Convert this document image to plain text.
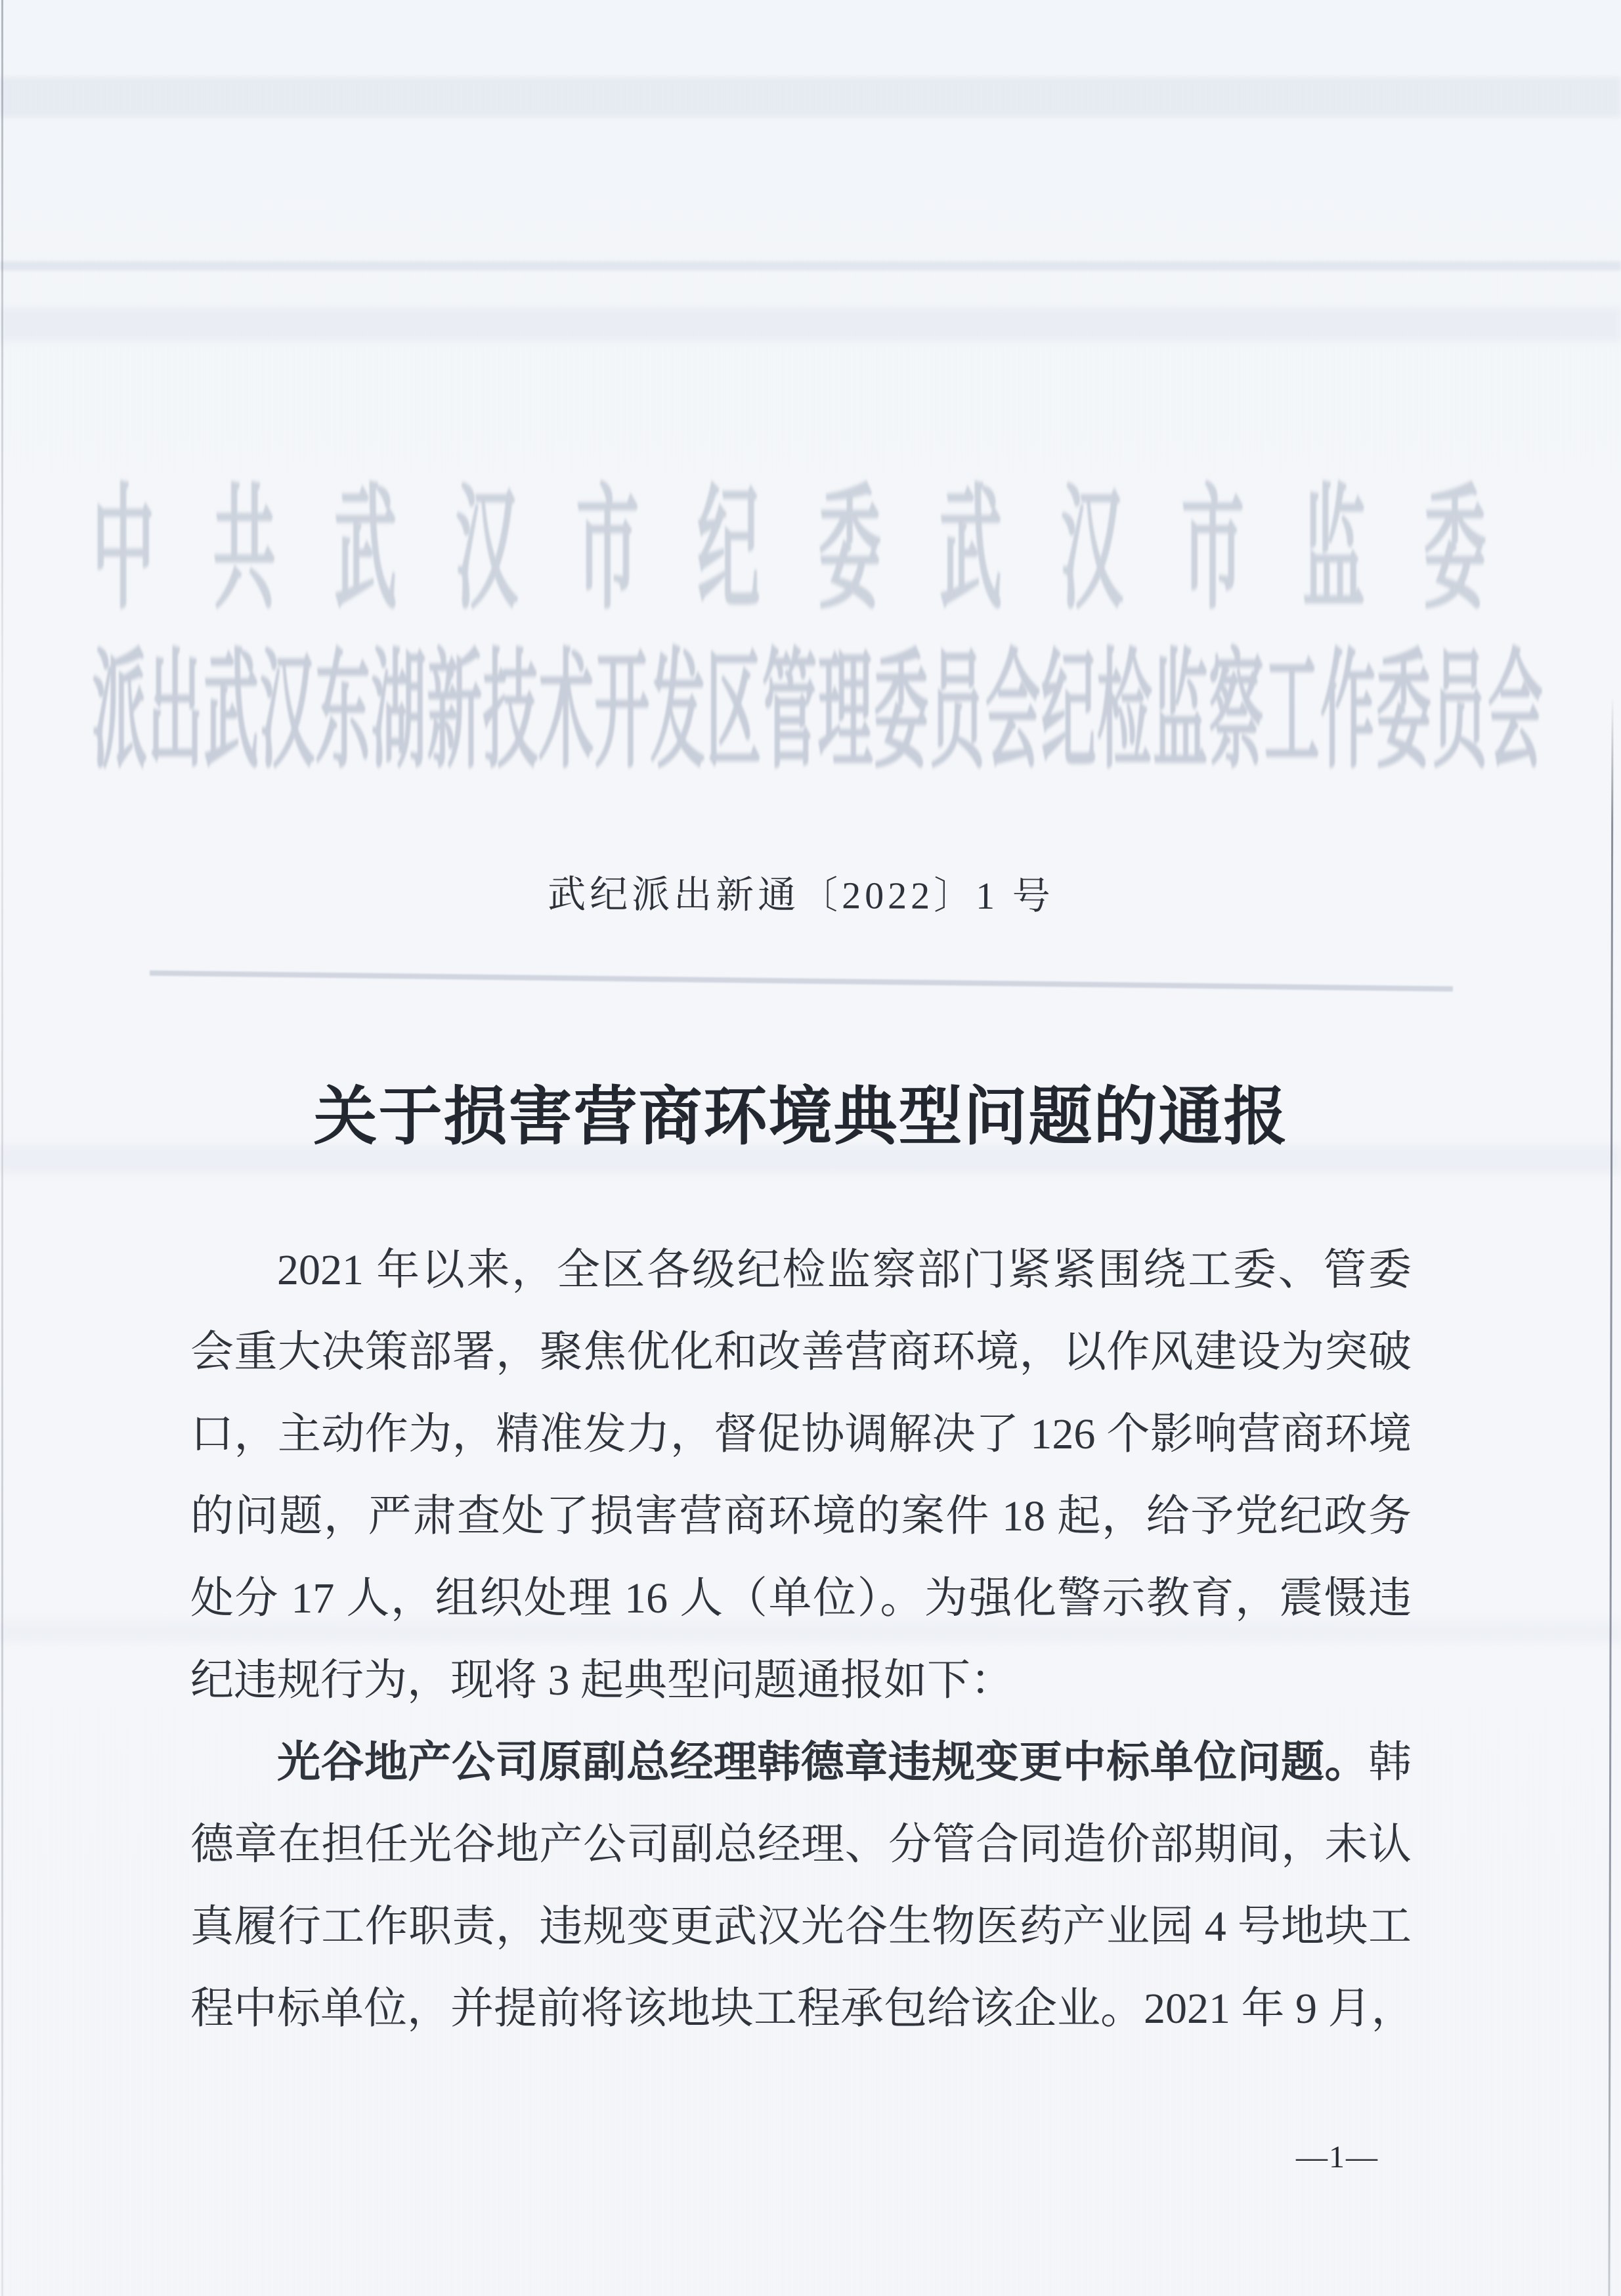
中共武汉市纪委武汉市监委
派出武汉东湖新技术开发区管理委员会纪检监察工作委员会
武纪派出新通〔2022〕1 号
关于损害营商环境典型问题的通报
2021 年以来，全区各级纪检监察部门紧紧围绕工委、管委
会重大决策部署，聚焦优化和改善营商环境，以作风建设为突破
口，主动作为，精准发力，督促协调解决了 126 个影响营商环境
的问题，严肃查处了损害营商环境的案件 18 起，给予党纪政务
处分 17 人，组织处理 16 人（单位）。为强化警示教育，震慑违
纪违规行为，现将 3 起典型问题通报如下：
光谷地产公司原副总经理韩德章违规变更中标单位问题。韩
德章在担任光谷地产公司副总经理、分管合同造价部期间，未认
真履行工作职责，违规变更武汉光谷生物医药产业园 4 号地块工
程中标单位，并提前将该地块工程承包给该企业。2021 年 9 月，
—1—
